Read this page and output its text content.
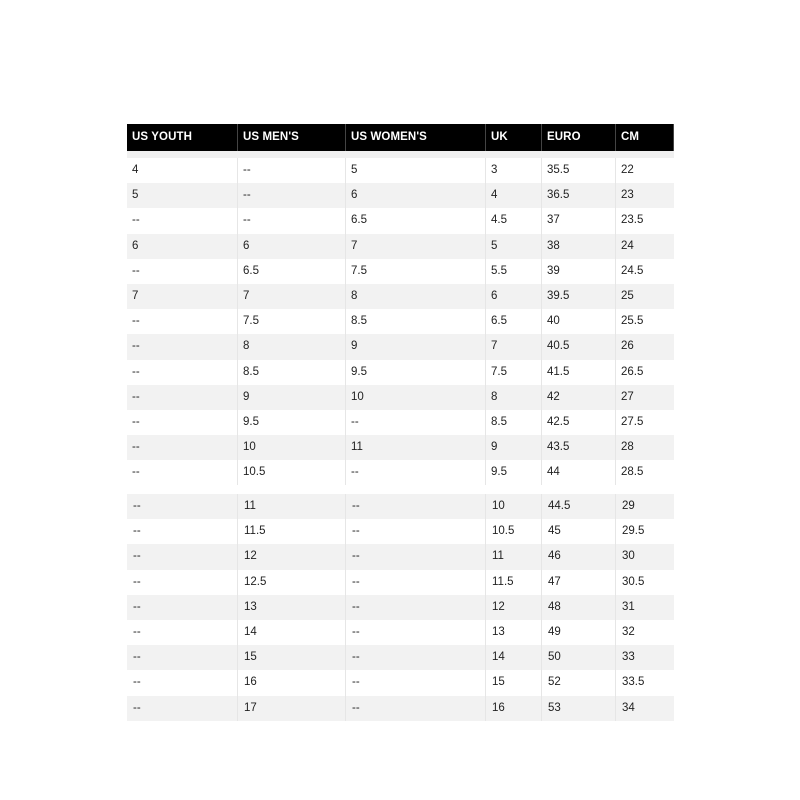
US YOUTH	US MEN'S	US WOMEN'S	UK	EURO	CM
4	--	5	3	35.5	22
5	--	6	4	36.5	23
--	--	6.5	4.5	37	23.5
6	6	7	5	38	24
--	6.5	7.5	5.5	39	24.5
7	7	8	6	39.5	25
--	7.5	8.5	6.5	40	25.5
--	8	9	7	40.5	26
--	8.5	9.5	7.5	41.5	26.5
--	9	10	8	42	27
--	9.5	--	8.5	42.5	27.5
--	10	11	9	43.5	28
--	10.5	--	9.5	44	28.5
--	11	--	10	44.5	29
--	11.5	--	10.5	45	29.5
--	12	--	11	46	30
--	12.5	--	11.5	47	30.5
--	13	--	12	48	31
--	14	--	13	49	32
--	15	--	14	50	33
--	16	--	15	52	33.5
--	17	--	16	53	34
